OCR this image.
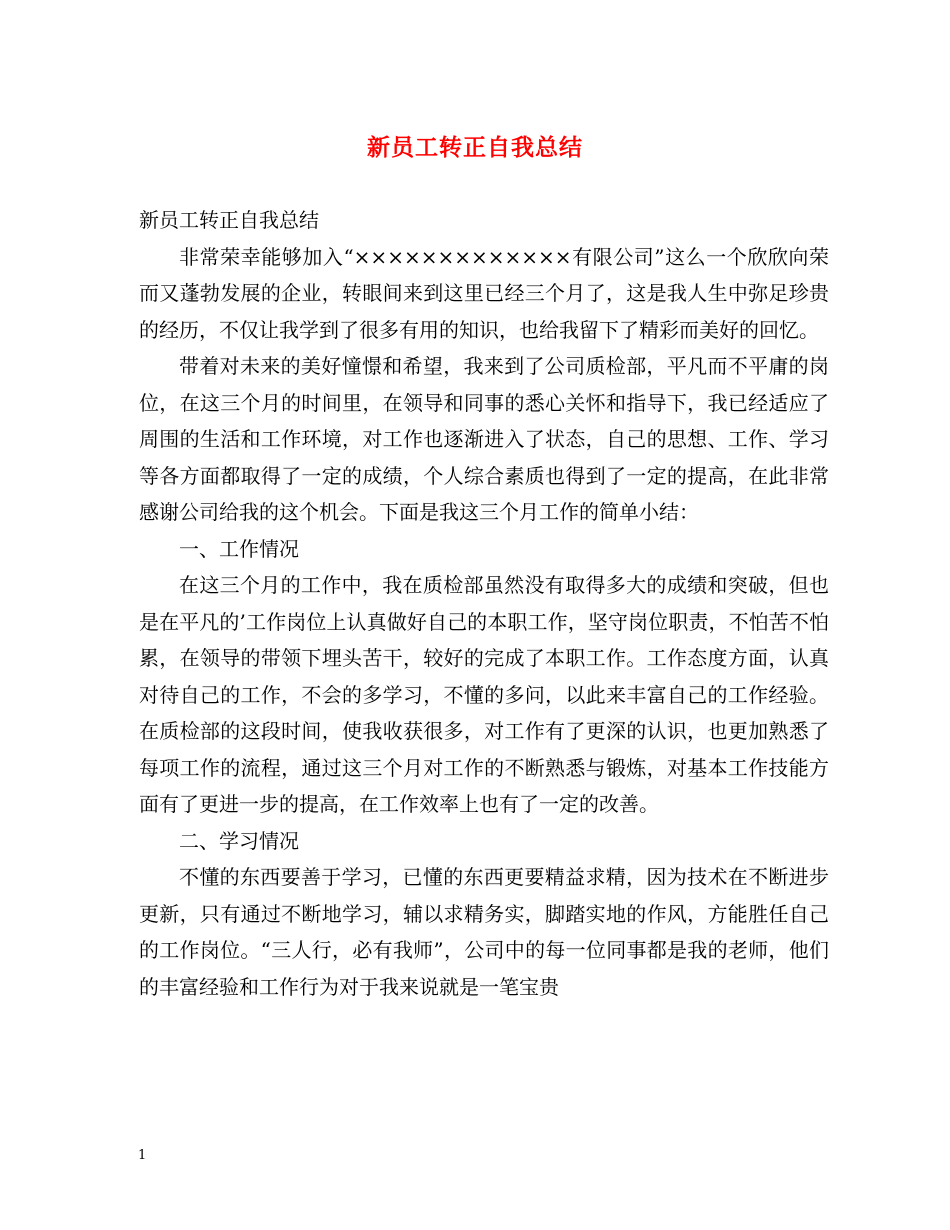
新员工转正自我总结

新员工转正自我总结

非常荣幸能够加入“×××××××××××××有限公司”这么一个欣欣向荣而又蓬勃发展的企业，转眼间来到这里已经三个月了，这是我人生中弥足珍贵的经历，不仅让我学到了很多有用的知识，也给我留下了精彩而美好的回忆。

带着对未来的美好憧憬和希望，我来到了公司质检部，平凡而不平庸的岗位，在这三个月的时间里，在领导和同事的悉心关怀和指导下，我已经适应了周围的生活和工作环境，对工作也逐渐进入了状态，自己的思想、工作、学习等各方面都取得了一定的成绩，个人综合素质也得到了一定的提高，在此非常感谢公司给我的这个机会。下面是我这三个月工作的简单小结：

一、工作情况

在这三个月的工作中，我在质检部虽然没有取得多大的成绩和突破，但也是在平凡的’工作岗位上认真做好自己的本职工作，坚守岗位职责，不怕苦不怕累，在领导的带领下埋头苦干，较好的完成了本职工作。工作态度方面，认真对待自己的工作，不会的多学习，不懂的多问，以此来丰富自己的工作经验。在质检部的这段时间，使我收获很多，对工作有了更深的认识，也更加熟悉了每项工作的流程，通过这三个月对工作的不断熟悉与锻炼，对基本工作技能方面有了更进一步的提高，在工作效率上也有了一定的改善。

二、学习情况

不懂的东西要善于学习，已懂的东西更要精益求精，因为技术在不断进步更新，只有通过不断地学习，辅以求精务实，脚踏实地的作风，方能胜任自己的工作岗位。“三人行，必有我师”，公司中的每一位同事都是我的老师，他们的丰富经验和工作行为对于我来说就是一笔宝贵

1
